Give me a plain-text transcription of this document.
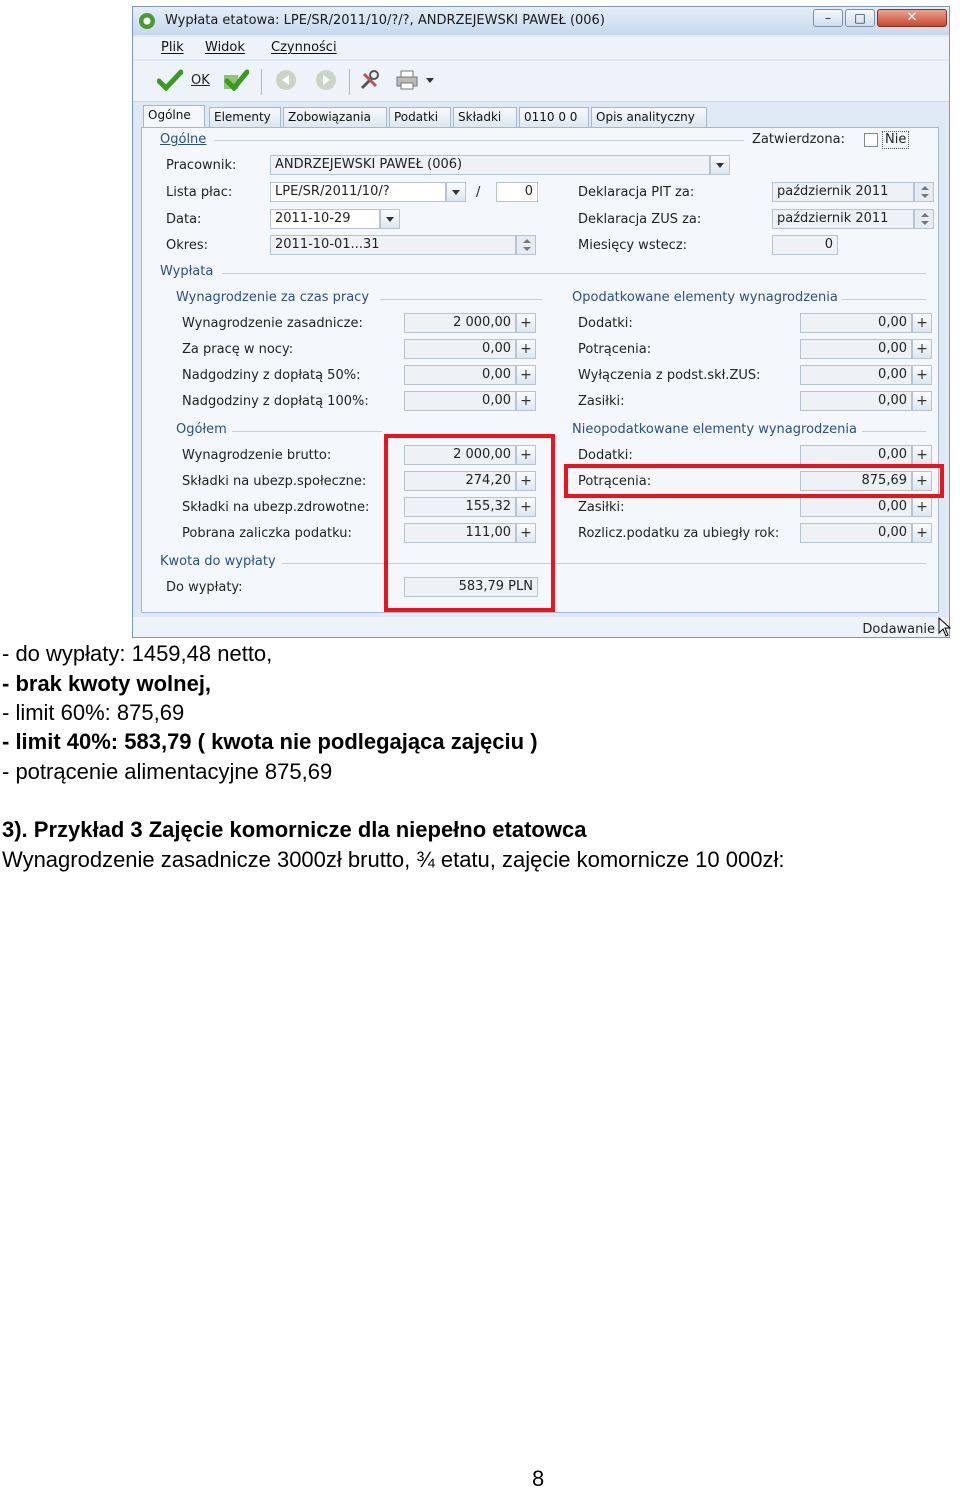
Wypłata etatowa: LPE/SR/2011/10/?/?, ANDRZEJEWSKI PAWEŁ (006)	–	□	✕
Plik Widok Czynności
OK
Ogólne	Elementy	Zobowiązania	Podatki	Składki	0110 0 0	Opis analityczny
Ogólne	Zatwierdzona:	Nie
Pracownik:	ANDRZEJEWSKI PAWEŁ (006)
Lista płac:	LPE/SR/2011/10/?	/	0
Data:	2011-10-29
Okres:	2011-10-01...31
Deklaracja PIT za:	październik 2011
Deklaracja ZUS za:	październik 2011
Miesięcy wstecz:	0
Wypłata
Wynagrodzenie za czas pracy	Opodatkowane elementy wynagrodzenia
Wynagrodzenie zasadnicze:	2 000,00 +
Za pracę w nocy:	0,00 +
Nadgodziny z dopłatą 50%:	0,00 +
Nadgodziny z dopłatą 100%:	0,00 +
Dodatki:	0,00 +
Potrącenia:	0,00 +
Wyłączenia z podst.skł.ZUS:	0,00 +
Zasiłki:	0,00 +
Ogółem	Nieopodatkowane elementy wynagrodzenia
Wynagrodzenie brutto:	2 000,00 +
Składki na ubezp.społeczne:	274,20 +
Składki na ubezp.zdrowotne:	155,32 +
Pobrana zaliczka podatku:	111,00 +
Dodatki:	0,00 +
Potrącenia:	875,69 +
Zasiłki:	0,00 +
Rozlicz.podatku za ubiegły rok:	0,00 +
Kwota do wypłaty
Do wypłaty:	583,79 PLN
Dodawanie
- do wypłaty: 1459,48 netto,
- brak kwoty wolnej,
- limit 60%: 875,69
- limit 40%: 583,79 ( kwota nie podlegająca zajęciu )
- potrącenie alimentacyjne 875,69
3). Przykład 3 Zajęcie komornicze dla niepełno etatowca
Wynagrodzenie zasadnicze 3000zł brutto, ¾ etatu, zajęcie komornicze 10 000zł:
8
